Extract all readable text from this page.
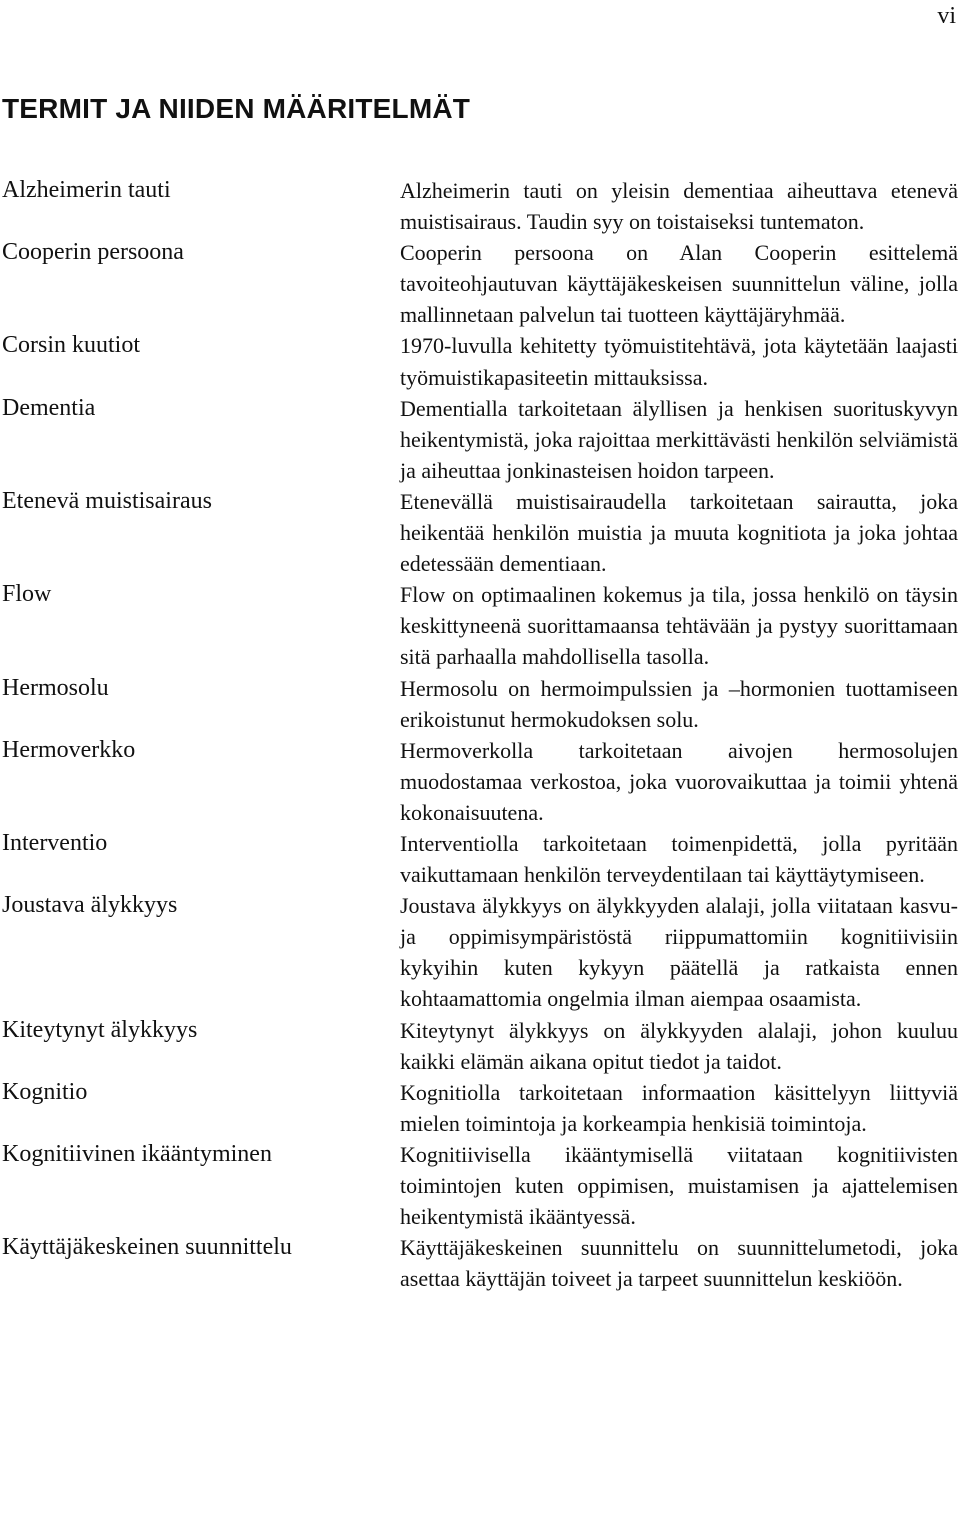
vi
TERMIT JA NIIDEN MÄÄRITELMÄT
Alzheimerin tauti	Alzheimerin tauti on yleisin dementiaa aiheuttava etenevä muistisairaus. Taudin syy on toistaiseksi tuntematon.
Cooperin persoona	Cooperin persoona on Alan Cooperin esittelemä tavoiteohjautuvan käyttäjäkeskeisen suunnittelun väline, jolla mallinnetaan palvelun tai tuotteen käyttäjäryhmää.
Corsin kuutiot	1970-luvulla kehitetty työmuistitehtävä, jota käytetään laajasti työmuistikapasiteetin mittauksissa.
Dementia	Dementialla tarkoitetaan älyllisen ja henkisen suorituskyvyn heikentymistä, joka rajoittaa merkittävästi henkilön selviämistä ja aiheuttaa jonkinasteisen hoidon tarpeen.
Etenevä muistisairaus	Etenevällä muistisairaudella tarkoitetaan sairautta, joka heikentää henkilön muistia ja muuta kognitiota ja joka johtaa edetessään dementiaan.
Flow	Flow on optimaalinen kokemus ja tila, jossa henkilö on täysin keskittyneenä suorittamaansa tehtävään ja pystyy suorittamaan sitä parhaalla mahdollisella tasolla.
Hermosolu	Hermosolu on hermoimpulssien ja –hormonien tuottamiseen erikoistunut hermokudoksen solu.
Hermoverkko	Hermoverkolla tarkoitetaan aivojen hermosolujen muodostamaa verkostoa, joka vuorovaikuttaa ja toimii yhtenä kokonaisuutena.
Interventio	Interventiolla tarkoitetaan toimenpidettä, jolla pyritään vaikuttamaan henkilön terveydentilaan tai käyttäytymiseen.
Joustava älykkyys	Joustava älykkyys on älykkyyden alalaji, jolla viitataan kasvu- ja oppimisympäristöstä riippumattomiin kognitiivisiin kykyihin kuten kykyyn päätellä ja ratkaista ennen kohtaamattomia ongelmia ilman aiempaa osaamista.
Kiteytynyt älykkyys	Kiteytynyt älykkyys on älykkyyden alalaji, johon kuuluu kaikki elämän aikana opitut tiedot ja taidot.
Kognitio	Kognitiolla tarkoitetaan informaation käsittelyyn liittyviä mielen toimintoja ja korkeampia henkisiä toimintoja.
Kognitiivinen ikääntyminen	Kognitiivisella ikääntymisellä viitataan kognitiivisten toimintojen kuten oppimisen, muistamisen ja ajattelemisen heikentymistä ikääntyessä.
Käyttäjäkeskeinen suunnittelu	Käyttäjäkeskeinen suunnittelu on suunnittelumetodi, joka asettaa käyttäjän toiveet ja tarpeet suunnittelun keskiöön.
